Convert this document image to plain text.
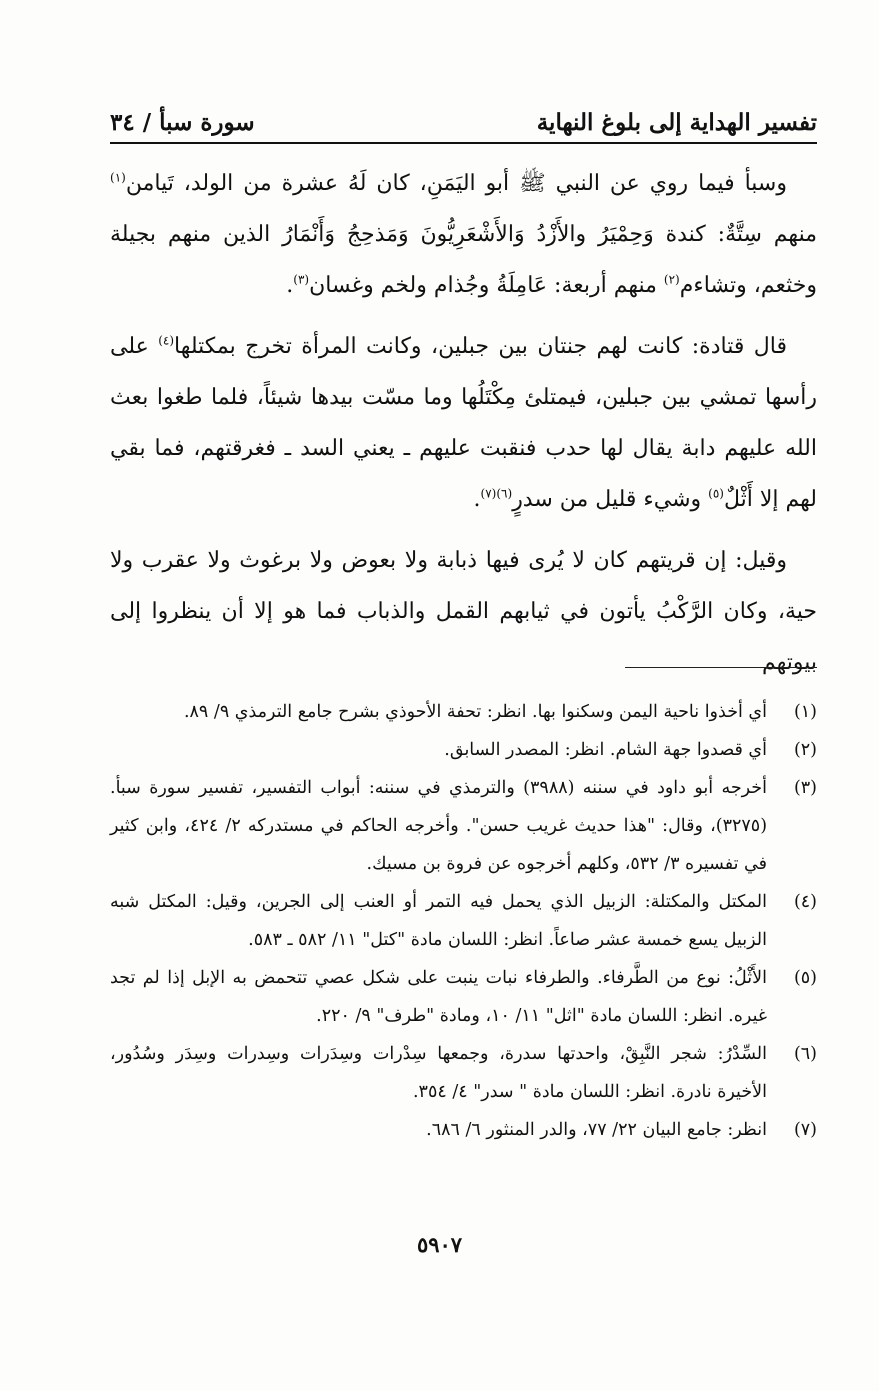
تفسير الهداية إلى بلوغ النهاية
سورة سبأ / ٣٤

وسبأ فيما روي عن النبي ﷺ أبو اليَمَنِ، كان لَهُ عشرة من الولد، تَيامن$^{(١)}$ منهم سِتَّةٌ: كندة وَحِمْيَرُ والأَزْدُ وَالأَشْعَرِيُّونَ وَمَذحِجُ وَأَنْمَارُ الذين منهم بجيلة وخثعم، وتشاءم$^{(٢)}$ منهم أربعة: عَامِلَةُ وجُذام ولخم وغسان$^{(٣)}$.

قال قتادة: كانت لهم جنتان بين جبلين، وكانت المرأة تخرج بمكتلها$^{(٤)}$ على رأسها تمشي بين جبلين، فيمتلئ مِكْتَلُها وما مسّت بيدها شيئاً، فلما طغوا بعث الله عليهم دابة يقال لها حدب فنقبت عليهم ـ يعني السد ـ فغرقتهم، فما بقي لهم إلا أَثْلٌ$^{(٥)}$ وشيء قليل من سدرٍ$^{(٦)(٧)}$.

وقيل: إن قريتهم كان لا يُرى فيها ذبابة ولا بعوض ولا برغوث ولا عقرب ولا حية، وكان الرَّكْبُ يأتون في ثيابهم القمل والذباب فما هو إلا أن ينظروا إلى بيوتهم

(١)
أي أخذوا ناحية اليمن وسكنوا بها. انظر: تحفة الأحوذي بشرح جامع الترمذي ٩/ ٨٩.
(٢)
أي قصدوا جهة الشام. انظر: المصدر السابق.
(٣)
أخرجه أبو داود في سننه (٣٩٨٨) والترمذي في سننه: أبواب التفسير، تفسير سورة سبأ. (٣٢٧٥)، وقال: "هذا حديث غريب حسن". وأخرجه الحاكم في مستدركه ٢/ ٤٢٤، وابن كثير في تفسيره ٣/ ٥٣٢، وكلهم أخرجوه عن فروة بن مسيك.
(٤)
المكتل والمكتلة: الزبيل الذي يحمل فيه التمر أو العنب إلى الجرين، وقيل: المكتل شبه الزبيل يسع خمسة عشر صاعاً. انظر: اللسان مادة "كتل" ١١/ ٥٨٢ ـ ٥٨٣.
(٥)
الأَثْلُ: نوع من الطَّرفاء. والطرفاء نبات ينبت على شكل عصي تتحمض به الإبل إذا لم تجد غيره. انظر: اللسان مادة "اثل" ١١/ ١٠، ومادة "طرف" ٩/ ٢٢٠.
(٦)
السِّدْرُ: شجر النَّبِقْ، واحدتها سدرة، وجمعها سِدْرات وسِدَرات وسِدرات وسِدَر وسُدُور، الأخيرة نادرة. انظر: اللسان مادة " سدر" ٤/ ٣٥٤.
(٧)
انظر: جامع البيان ٢٢/ ٧٧، والدر المنثور ٦/ ٦٨٦.
٥٩٠٧
